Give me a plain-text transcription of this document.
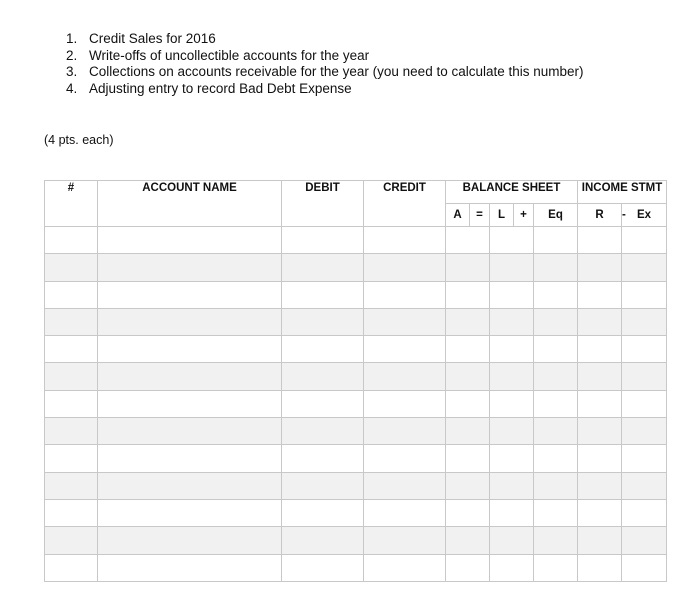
1. Credit Sales for 2016
2. Write-offs of uncollectible accounts for the year
3. Collections on accounts receivable for the year (you need to calculate this number)
4. Adjusting entry to record Bad Debt Expense
(4 pts. each)
#	ACCOUNT NAME	DEBIT	CREDIT	BALANCE SHEET					INCOME STMT	
				A	=	L	+	Eq	R	-	Ex
